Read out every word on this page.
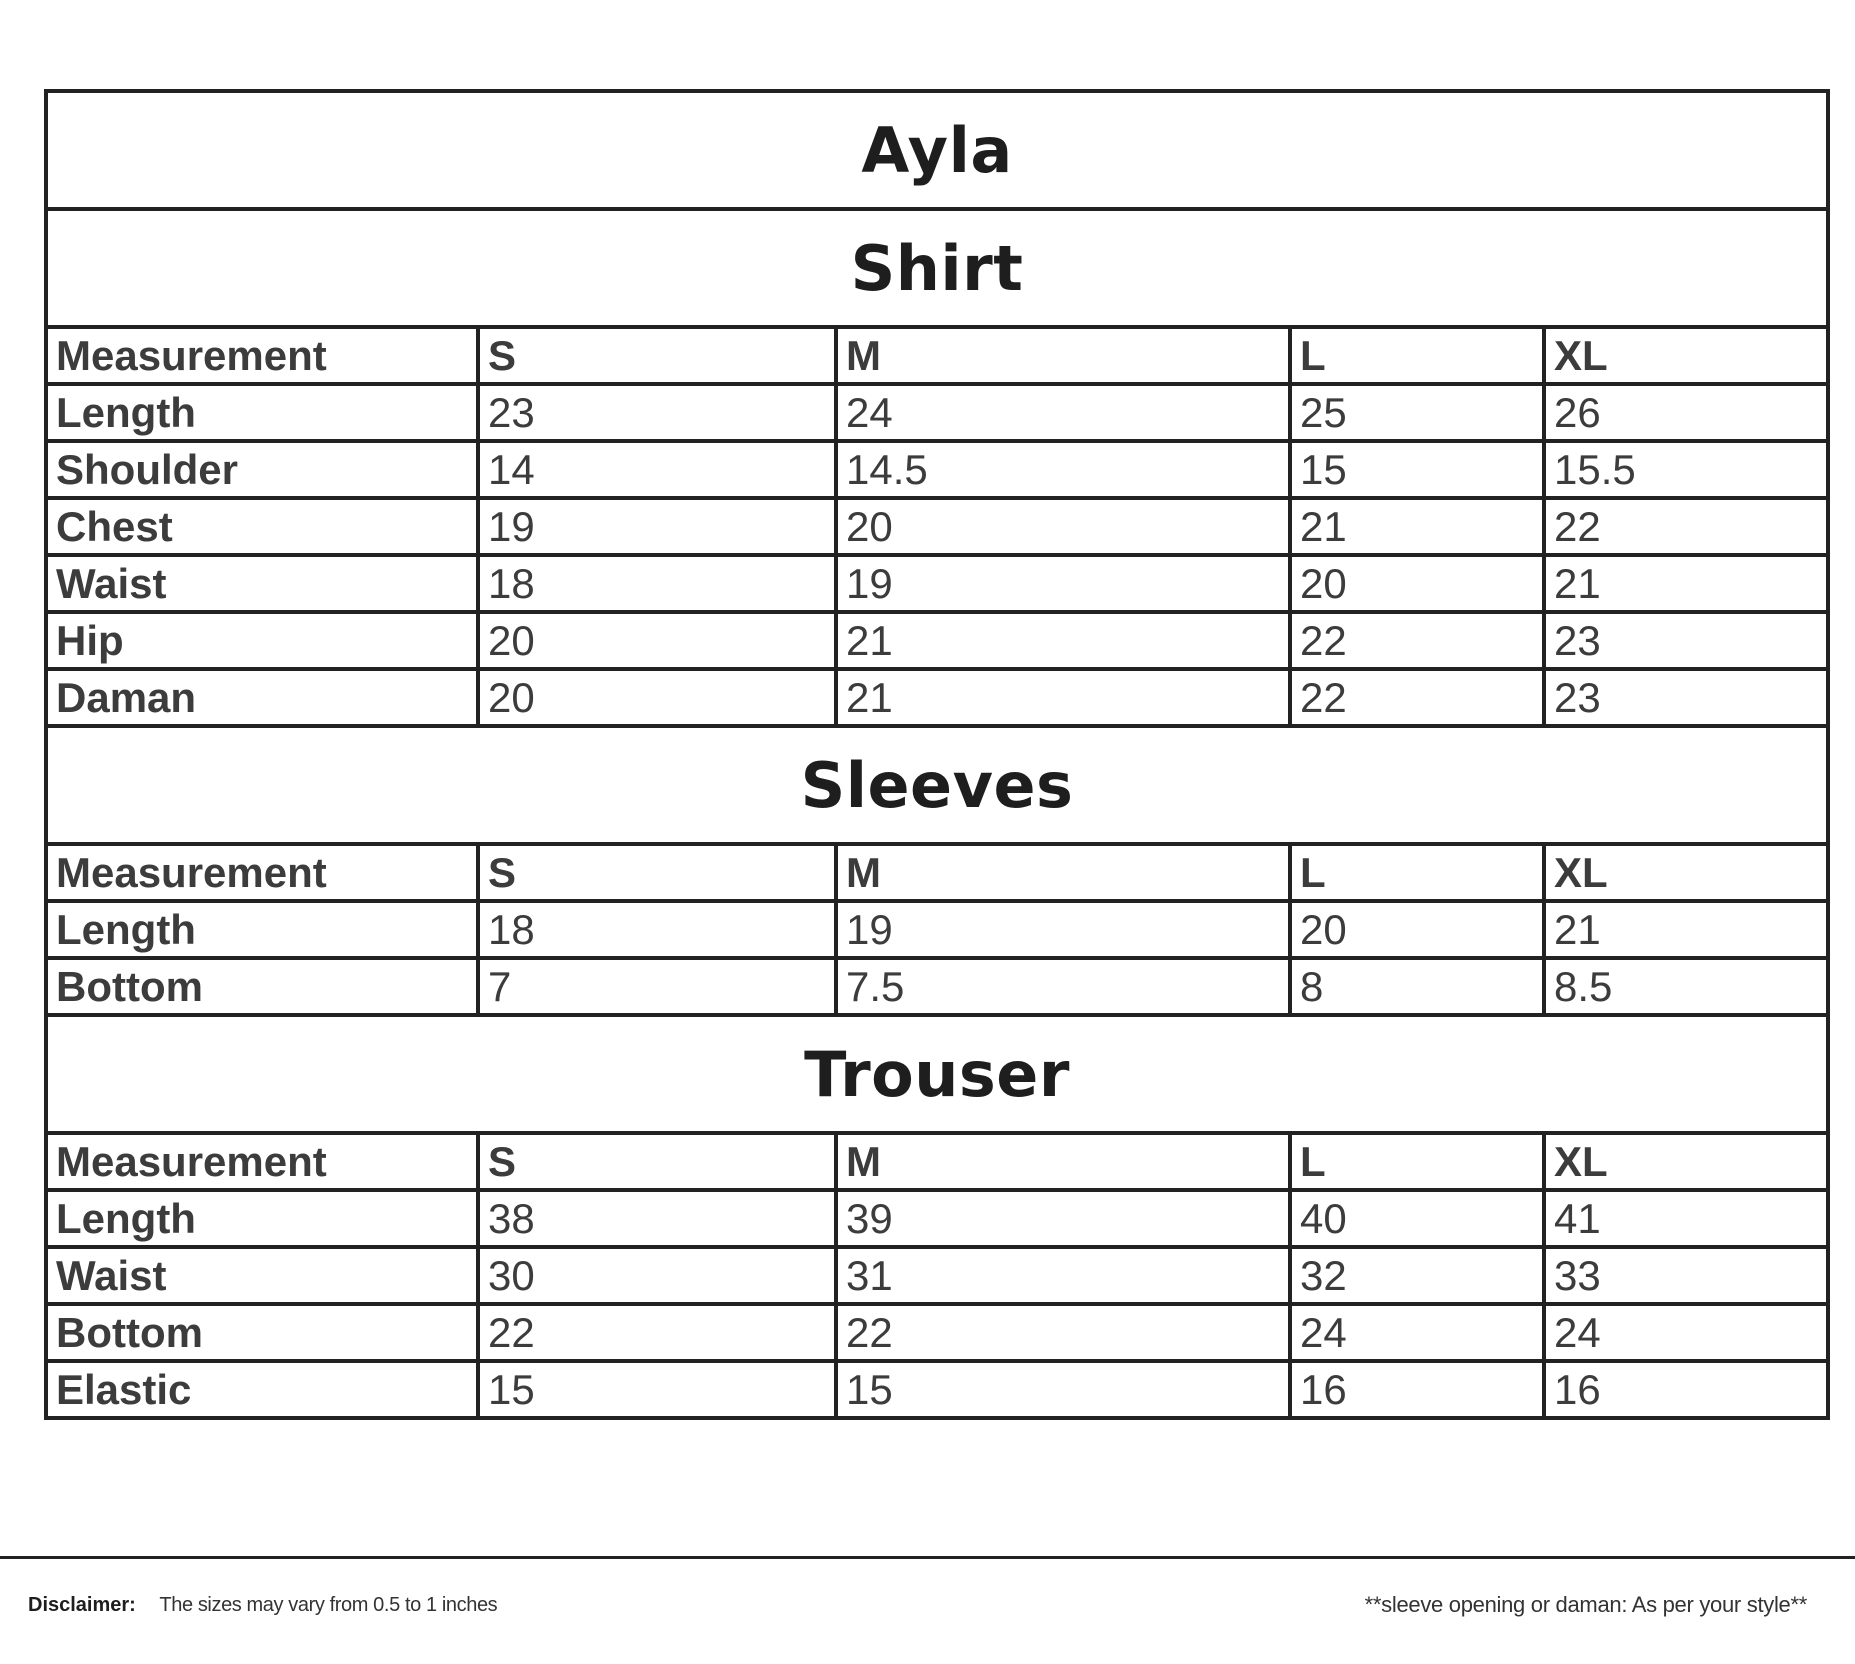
Ayla				
Shirt				
Measurement	S	M	L	XL
Length	23	24	25	26
Shoulder	14	14.5	15	15.5
Chest	19	20	21	22
Waist	18	19	20	21
Hip	20	21	22	23
Daman	20	21	22	23
Sleeves				
Measurement	S	M	L	XL
Length	18	19	20	21
Bottom	7	7.5	8	8.5
Trouser				
Measurement	S	M	L	XL
Length	38	39	40	41
Waist	30	31	32	33
Bottom	22	22	24	24
Elastic	15	15	16	16
Disclaimer: The sizes may vary from 0.5 to 1 inches	**sleeve opening or daman: As per your style**
